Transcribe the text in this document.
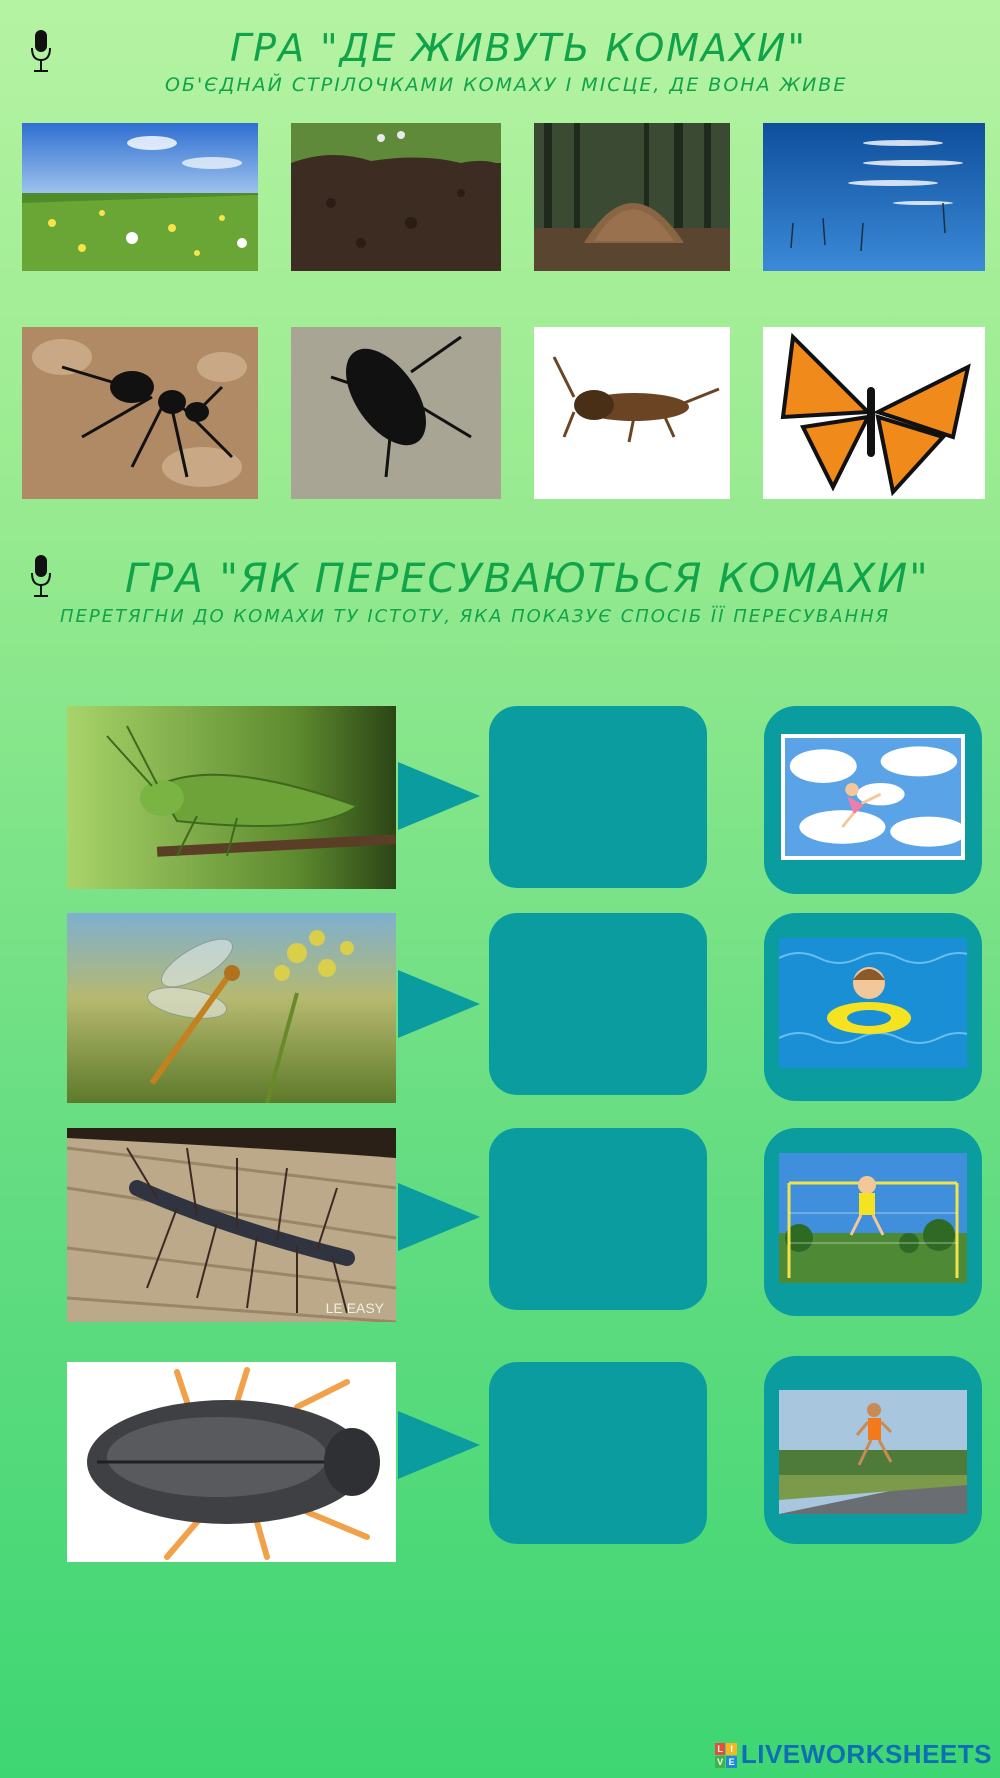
ГРА "ДЕ ЖИВУТЬ КОМАХИ"
ОБ'ЄДНАЙ СТРІЛОЧКАМИ КОМАХУ І МІСЦЕ, ДЕ ВОНА ЖИВЕ
ГРА "ЯК ПЕРЕСУВАЮТЬСЯ КОМАХИ"
ПЕРЕТЯГНИ ДО КОМАХИ ТУ ІСТОТУ, ЯКА ПОКАЗУЄ СПОСІБ ЇЇ ПЕРЕСУВАННЯ
LE EASY
L I
V E LIVEWORKSHEETS
